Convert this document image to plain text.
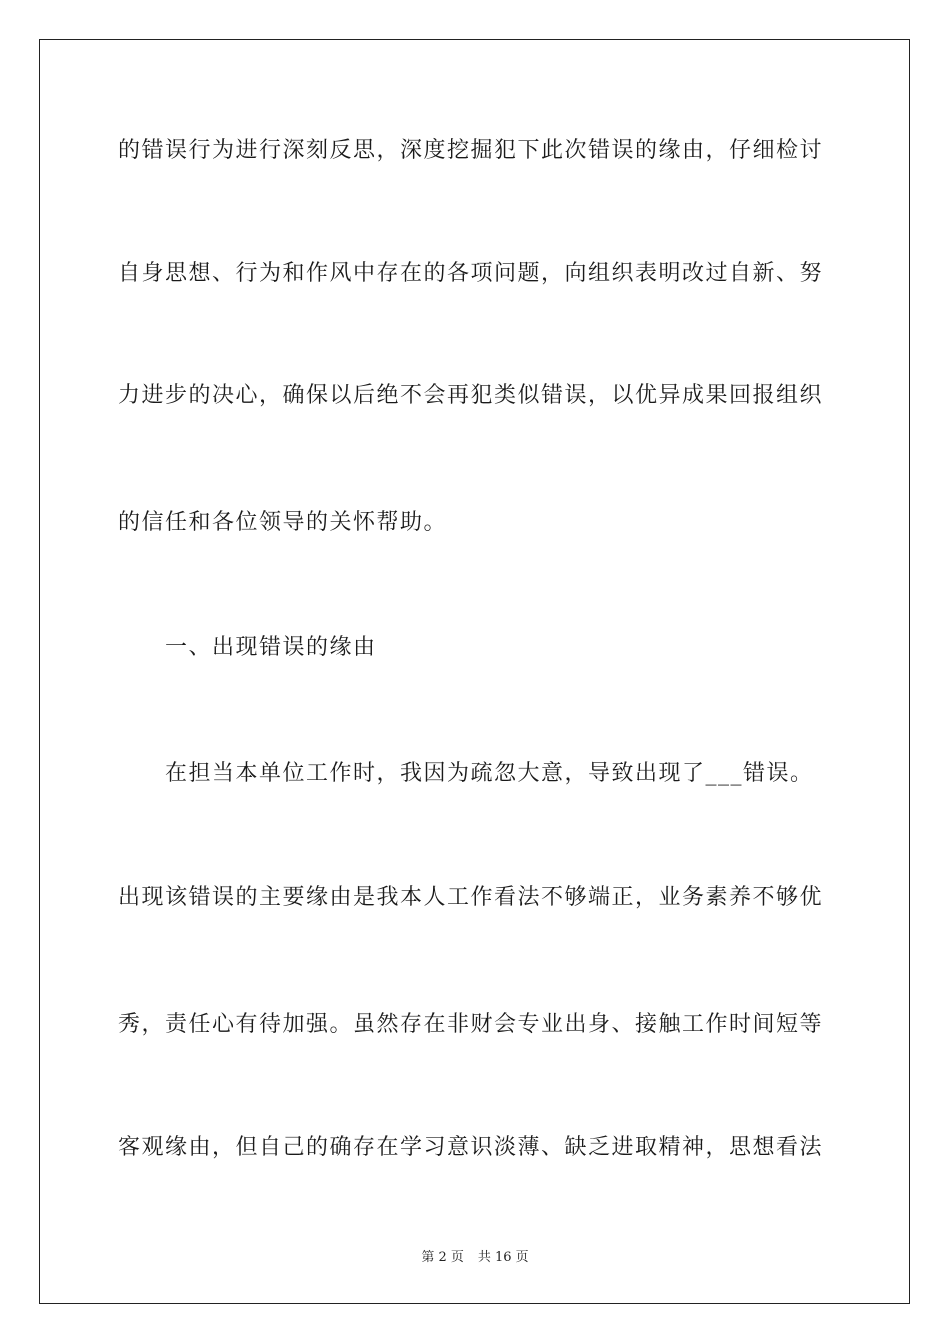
的错误行为进行深刻反思，深度挖掘犯下此次错误的缘由，仔细检讨
自身思想、行为和作风中存在的各项问题，向组织表明改过自新、努
力进步的决心，确保以后绝不会再犯类似错误，以优异成果回报组织
的信任和各位领导的关怀帮助。
一、出现错误的缘由
在担当本单位工作时，我因为疏忽大意，导致出现了___错误。
出现该错误的主要缘由是我本人工作看法不够端正，业务素养不够优
秀，责任心有待加强。虽然存在非财会专业出身、接触工作时间短等
客观缘由，但自己的确存在学习意识淡薄、缺乏进取精神，思想看法
第 2 页 共 16 页
